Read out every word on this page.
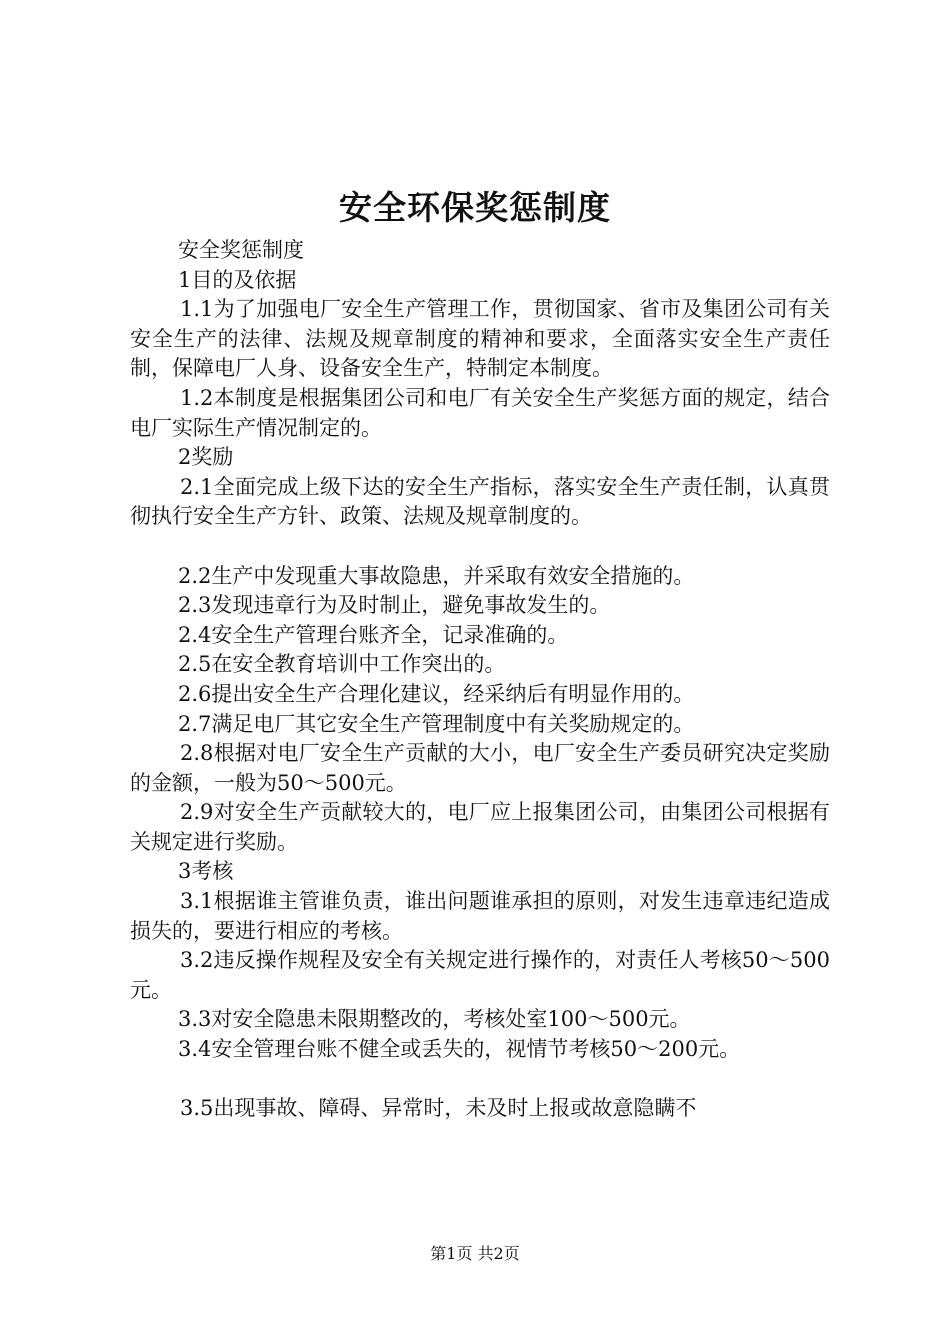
安全环保奖惩制度

安全奖惩制度

1目的及依据

1.1为了加强电厂安全生产管理工作，贯彻国家、省市及集团公司有关安全生产的法律、法规及规章制度的精神和要求，全面落实安全生产责任制，保障电厂人身、设备安全生产，特制定本制度。

1.2本制度是根据集团公司和电厂有关安全生产奖惩方面的规定，结合电厂实际生产情况制定的。

2奖励

2.1全面完成上级下达的安全生产指标，落实安全生产责任制，认真贯彻执行安全生产方针、政策、法规及规章制度的。

2.2生产中发现重大事故隐患，并采取有效安全措施的。

2.3发现违章行为及时制止，避免事故发生的。

2.4安全生产管理台账齐全，记录准确的。

2.5在安全教育培训中工作突出的。

2.6提出安全生产合理化建议，经采纳后有明显作用的。

2.7满足电厂其它安全生产管理制度中有关奖励规定的。

2.8根据对电厂安全生产贡献的大小，电厂安全生产委员研究决定奖励的金额，一般为50～500元。

2.9对安全生产贡献较大的，电厂应上报集团公司，由集团公司根据有关规定进行奖励。

3考核

3.1根据谁主管谁负责，谁出问题谁承担的原则，对发生违章违纪造成损失的，要进行相应的考核。

3.2违反操作规程及安全有关规定进行操作的，对责任人考核50～500元。

3.3对安全隐患未限期整改的，考核处室100～500元。

3.4安全管理台账不健全或丢失的，视情节考核50～200元。

3.5出现事故、障碍、异常时，未及时上报或故意隐瞒不

第1页 共2页
